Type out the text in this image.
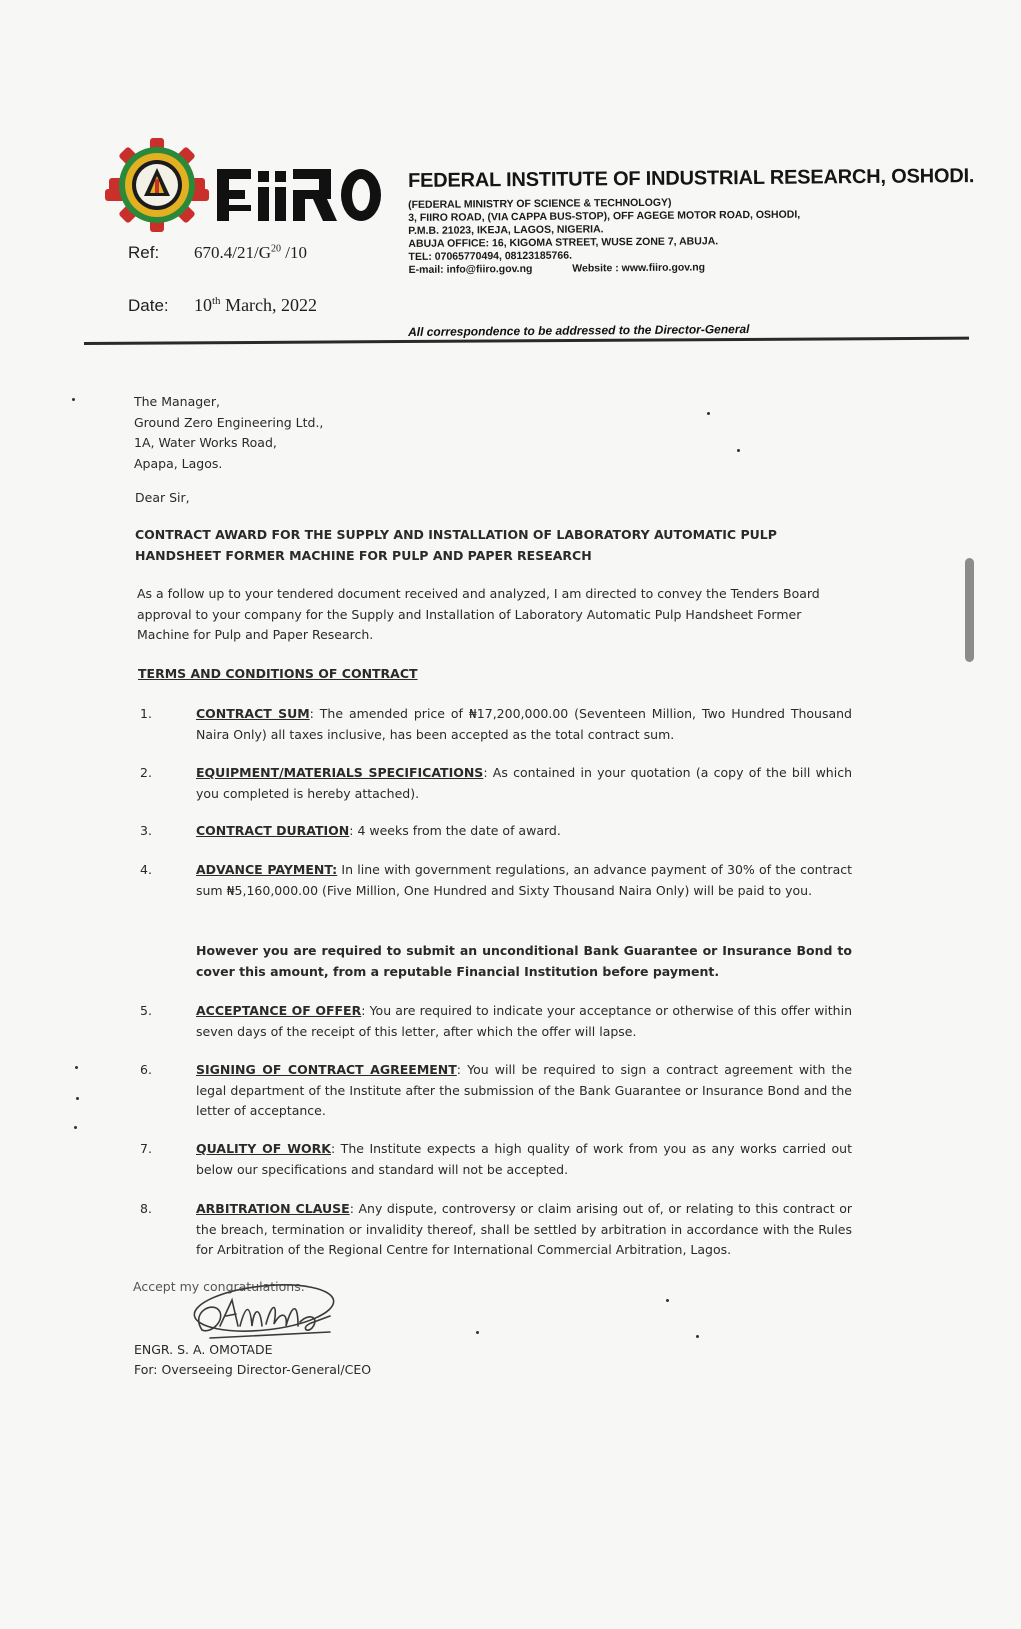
FEDERAL INSTITUTE OF INDUSTRIAL RESEARCH, OSHODI.
(FEDERAL MINISTRY OF SCIENCE & TECHNOLOGY)
3, FIIRO ROAD, (VIA CAPPA BUS-STOP), OFF AGEGE MOTOR ROAD, OSHODI,
P.M.B. 21023, IKEJA, LAGOS, NIGERIA.
ABUJA OFFICE: 16, KIGOMA STREET, WUSE ZONE 7, ABUJA.
TEL: 07065770494, 08123185766.
E-mail: info@fiiro.gov.ng	Website : www.fiiro.gov.ng
Ref: $670.4/21/G^{20}$ /10
Date: 10th March, 2022
All correspondence to be addressed to the Director-General
The Manager,
Ground Zero Engineering Ltd.,
1A, Water Works Road,
Apapa, Lagos.
Dear Sir,
CONTRACT AWARD FOR THE SUPPLY AND INSTALLATION OF LABORATORY AUTOMATIC PULP HANDSHEET FORMER MACHINE FOR PULP AND PAPER RESEARCH
As a follow up to your tendered document received and analyzed, I am directed to convey the Tenders Board approval to your company for the Supply and Installation of Laboratory Automatic Pulp Handsheet Former Machine for Pulp and Paper Research.
TERMS AND CONDITIONS OF CONTRACT
1.	CONTRACT SUM: The amended price of ₦17,200,000.00 (Seventeen Million, Two Hundred Thousand Naira Only) all taxes inclusive, has been accepted as the total contract sum.
2.	EQUIPMENT/MATERIALS SPECIFICATIONS: As contained in your quotation (a copy of the bill which you completed is hereby attached).
3.	CONTRACT DURATION: 4 weeks from the date of award.
4.	ADVANCE PAYMENT: In line with government regulations, an advance payment of 30% of the contract sum ₦5,160,000.00 (Five Million, One Hundred and Sixty Thousand Naira Only) will be paid to you.
However you are required to submit an unconditional Bank Guarantee or Insurance Bond to cover this amount, from a reputable Financial Institution before payment.
5.	ACCEPTANCE OF OFFER: You are required to indicate your acceptance or otherwise of this offer within seven days of the receipt of this letter, after which the offer will lapse.
6.	SIGNING OF CONTRACT AGREEMENT: You will be required to sign a contract agreement with the legal department of the Institute after the submission of the Bank Guarantee or Insurance Bond and the letter of acceptance.
7.	QUALITY OF WORK: The Institute expects a high quality of work from you as any works carried out below our specifications and standard will not be accepted.
8.	ARBITRATION CLAUSE: Any dispute, controversy or claim arising out of, or relating to this contract or the breach, termination or invalidity thereof, shall be settled by arbitration in accordance with the Rules for Arbitration of the Regional Centre for International Commercial Arbitration, Lagos.
Accept my congratulations.
ENGR. S. A. OMOTADE
For: Overseeing Director-General/CEO
